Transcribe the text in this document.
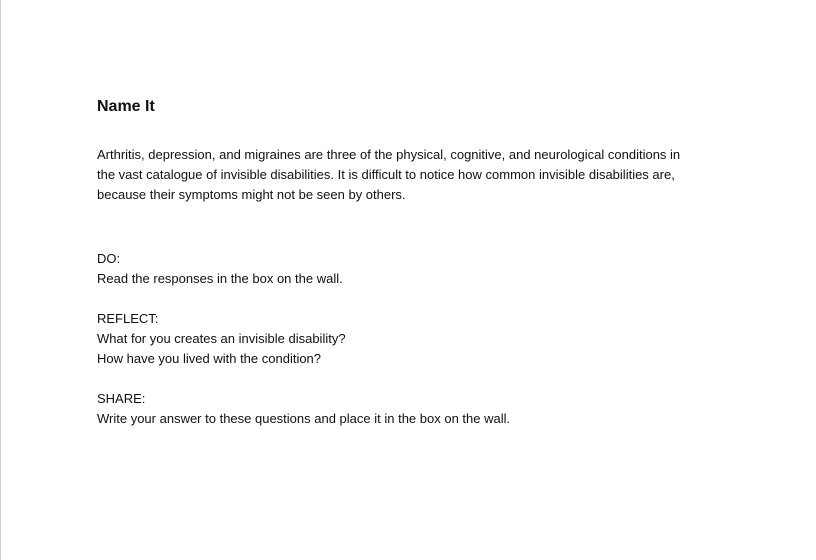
Name It

Arthritis, depression, and migraines are three of the physical, cognitive, and neurological conditions in

the vast catalogue of invisible disabilities. It is difficult to notice how common invisible disabilities are,

because their symptoms might not be seen by others.

DO:

Read the responses in the box on the wall.

REFLECT:

What for you creates an invisible disability?

How have you lived with the condition?

SHARE:

Write your answer to these questions and place it in the box on the wall.
